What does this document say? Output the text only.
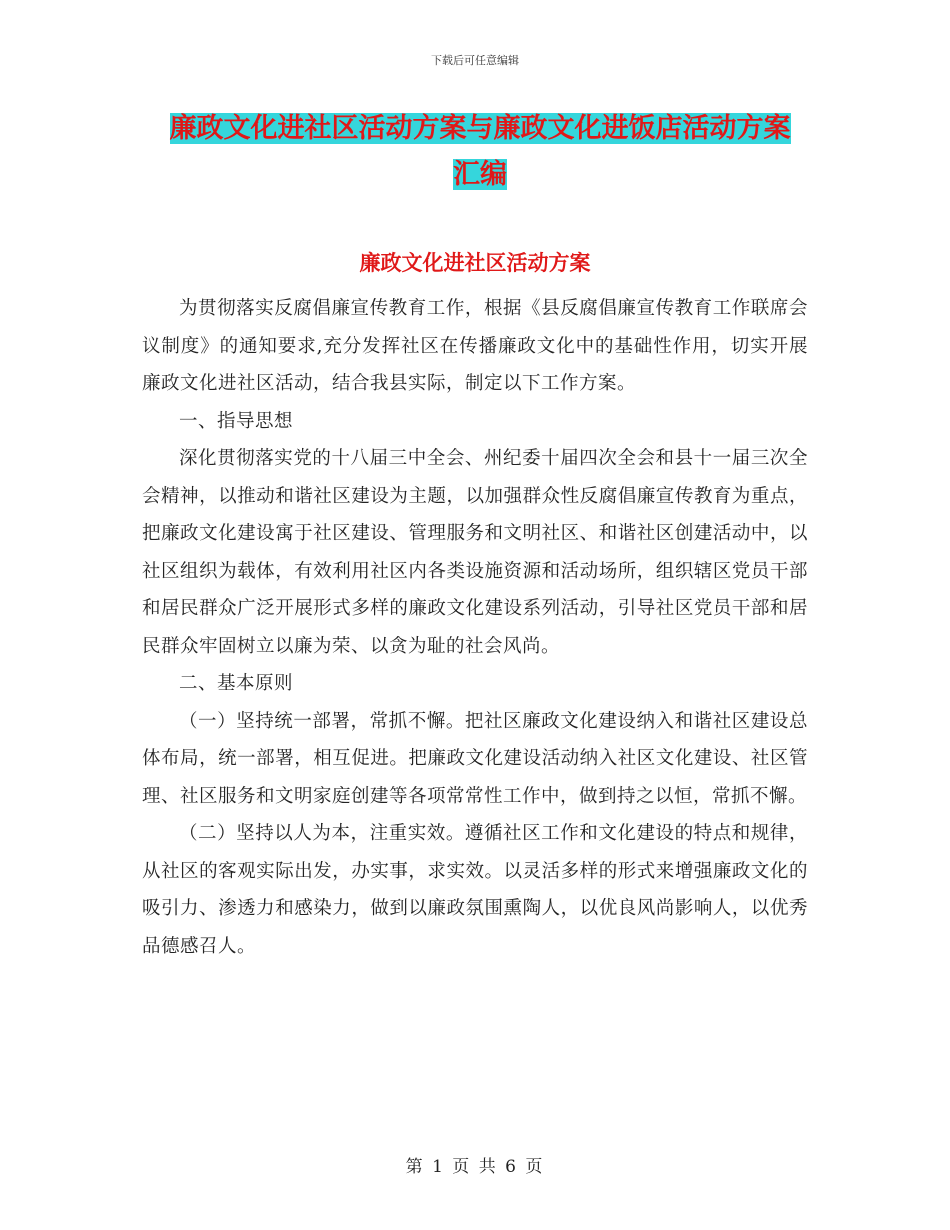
下载后可任意编辑
廉政文化进社区活动方案与廉政文化进饭店活动方案
汇编
廉政文化进社区活动方案

为贯彻落实反腐倡廉宣传教育工作，根据《县反腐倡廉宣传教育工作联席会议制度》的通知要求,充分发挥社区在传播廉政文化中的基础性作用，切实开展廉政文化进社区活动，结合我县实际，制定以下工作方案。

一、指导思想

深化贯彻落实党的十八届三中全会、州纪委十届四次全会和县十一届三次全会精神，以推动和谐社区建设为主题，以加强群众性反腐倡廉宣传教育为重点，把廉政文化建设寓于社区建设、管理服务和文明社区、和谐社区创建活动中，以社区组织为载体，有效利用社区内各类设施资源和活动场所，组织辖区党员干部和居民群众广泛开展形式多样的廉政文化建设系列活动，引导社区党员干部和居民群众牢固树立以廉为荣、以贪为耻的社会风尚。

二、基本原则

（一）坚持统一部署，常抓不懈。把社区廉政文化建设纳入和谐社区建设总体布局，统一部署，相互促进。把廉政文化建设活动纳入社区文化建设、社区管理、社区服务和文明家庭创建等各项常常性工作中，做到持之以恒，常抓不懈。

（二）坚持以人为本，注重实效。遵循社区工作和文化建设的特点和规律，从社区的客观实际出发，办实事，求实效。以灵活多样的形式来增强廉政文化的吸引力、渗透力和感染力，做到以廉政氛围熏陶人，以优良风尚影响人，以优秀品德感召人。

第 1 页 共 6 页
